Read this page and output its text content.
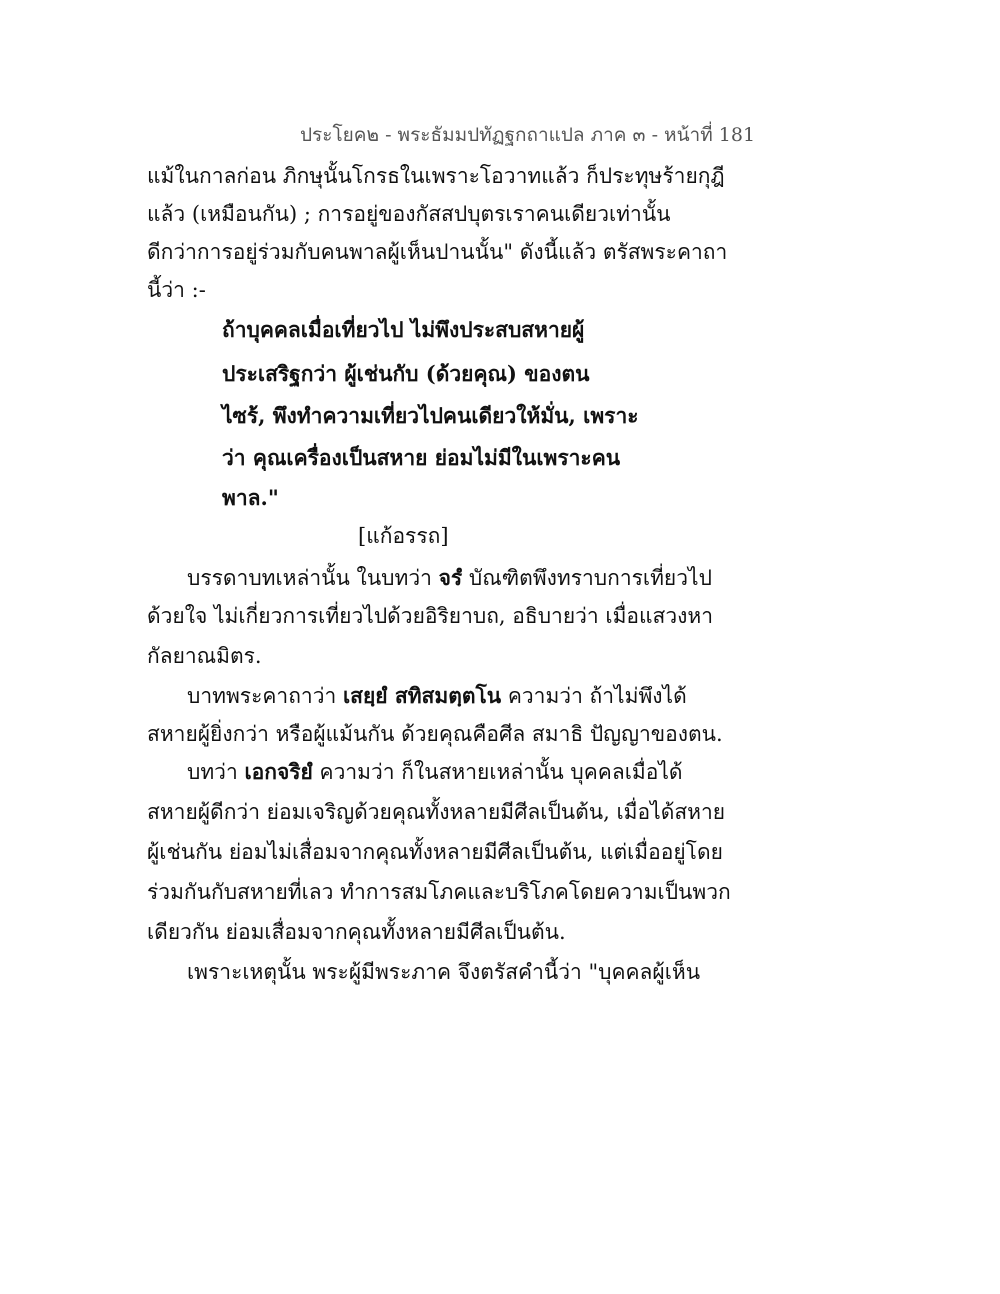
ประโยค๒ - พระธัมมปทัฏฐกถาแปล ภาค ๓ - หน้าที่ 181
แม้ในกาลก่อน ภิกษุนั้นโกรธในเพราะโอวาทแล้ว ก็ประทุษร้ายกุฎี
แล้ว (เหมือนกัน) ; การอยู่ของกัสสปบุตรเราคนเดียวเท่านั้น
ดีกว่าการอยู่ร่วมกับคนพาลผู้เห็นปานนั้น" ดังนี้แล้ว ตรัสพระคาถา
นี้ว่า :-
ถ้าบุคคลเมื่อเที่ยวไป ไม่พึงประสบสหายผู้
ประเสริฐกว่า ผู้เช่นกับ (ด้วยคุณ) ของตน
ไซร้, พึงทำความเที่ยวไปคนเดียวให้มั่น, เพราะ
ว่า คุณเครื่องเป็นสหาย ย่อมไม่มีในเพราะคน
พาล."
[แก้อรรถ]
บรรดาบทเหล่านั้น ในบทว่า จรํ บัณฑิตพึงทราบการเที่ยวไป
ด้วยใจ ไม่เกี่ยวการเที่ยวไปด้วยอิริยาบถ, อธิบายว่า เมื่อแสวงหา
กัลยาณมิตร.
บาทพระคาถาว่า เสยฺยํ สทิสมตฺตโน ความว่า ถ้าไม่พึงได้
สหายผู้ยิ่งกว่า หรือผู้แม้นกัน ด้วยคุณคือศีล สมาธิ ปัญญาของตน.
บทว่า เอกจริยํ ความว่า ก็ในสหายเหล่านั้น บุคคลเมื่อได้
สหายผู้ดีกว่า ย่อมเจริญด้วยคุณทั้งหลายมีศีลเป็นต้น, เมื่อได้สหาย
ผู้เช่นกัน ย่อมไม่เสื่อมจากคุณทั้งหลายมีศีลเป็นต้น, แต่เมื่ออยู่โดย
ร่วมกันกับสหายที่เลว ทำการสมโภคและบริโภคโดยความเป็นพวก
เดียวกัน ย่อมเสื่อมจากคุณทั้งหลายมีศีลเป็นต้น.
เพราะเหตุนั้น พระผู้มีพระภาค จึงตรัสคำนี้ว่า "บุคคลผู้เห็น
